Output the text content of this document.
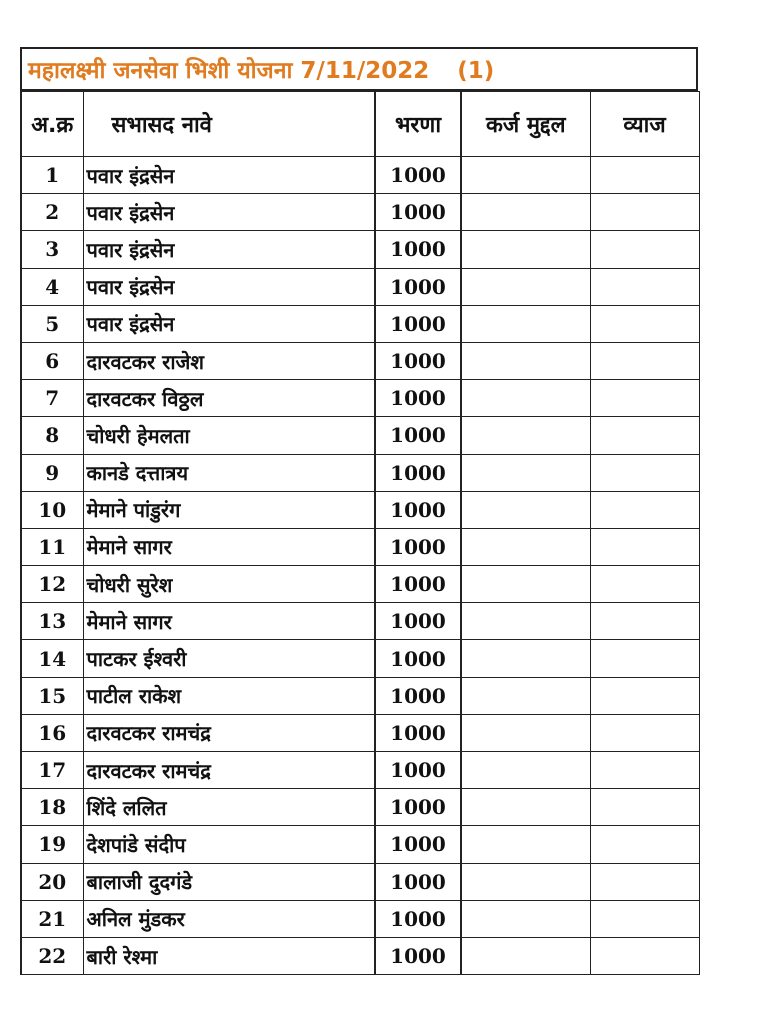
महालक्ष्मी जनसेवा भिशी योजना 7/11/2022 (1)
अ.क्र	सभासद नावे	भरणा	कर्ज मुद्दल	व्याज
1	पवार इंद्रसेन	1000		
2	पवार इंद्रसेन	1000		
3	पवार इंद्रसेन	1000		
4	पवार इंद्रसेन	1000		
5	पवार इंद्रसेन	1000		
6	दारवटकर राजेश	1000		
7	दारवटकर विठ्ठल	1000		
8	चोधरी हेमलता	1000		
9	कानडे दत्तात्रय	1000		
10	मेमाने पांडुरंग	1000		
11	मेमाने सागर	1000		
12	चोधरी सुरेश	1000		
13	मेमाने सागर	1000		
14	पाटकर ईश्वरी	1000		
15	पाटील राकेश	1000		
16	दारवटकर रामचंद्र	1000		
17	दारवटकर रामचंद्र	1000		
18	शिंदे ललित	1000		
19	देशपांडे संदीप	1000		
20	बालाजी दुदगंडे	1000		
21	अनिल मुंडकर	1000		
22	बारी रेश्मा	1000		
